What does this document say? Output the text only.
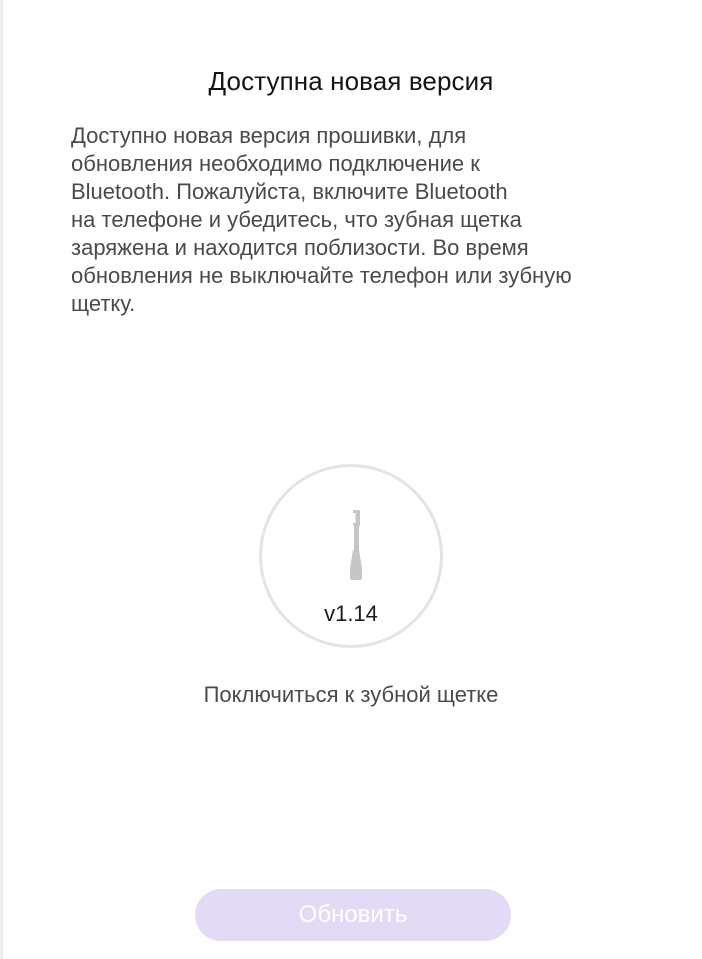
Доступна новая версия
Доступно новая версия прошивки, для
обновления необходимо подключение к
Bluetooth. Пожалуйста, включите Bluetooth
на телефоне и убедитесь, что зубная щетка
заряжена и находится поблизости. Во время
обновления не выключайте телефон или зубную
щетку.
v1.14
Поключиться к зубной щетке
Обновить
